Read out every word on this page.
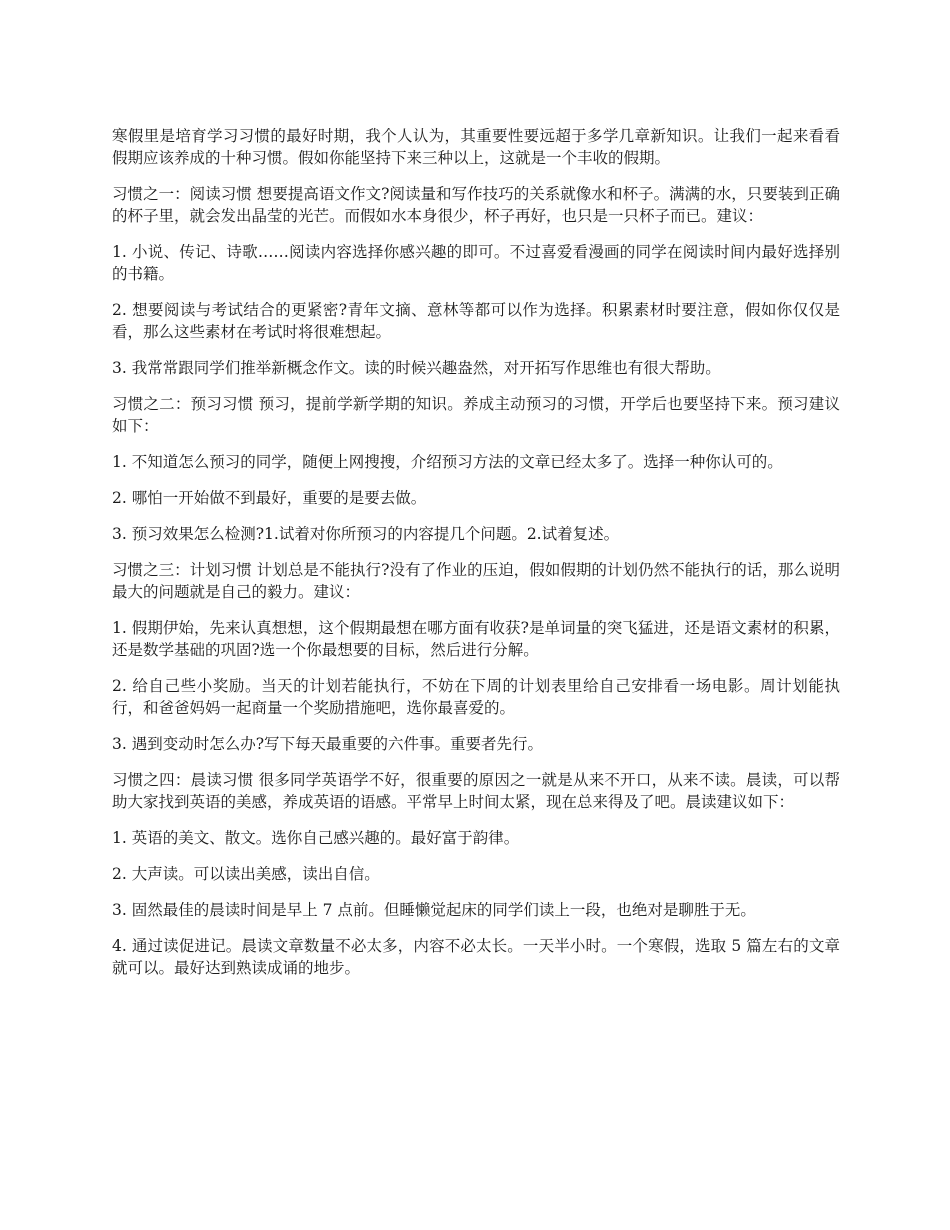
寒假里是培育学习习惯的最好时期，我个人认为，其重要性要远超于多学几章新知识。让我们一起来看看假期应该养成的十种习惯。假如你能坚持下来三种以上，这就是一个丰收的假期。

习惯之一：阅读习惯 想要提高语文作文?阅读量和写作技巧的关系就像水和杯子。满满的水，只要装到正确的杯子里，就会发出晶莹的光芒。而假如水本身很少，杯子再好，也只是一只杯子而已。建议：

1. 小说、传记、诗歌……阅读内容选择你感兴趣的即可。不过喜爱看漫画的同学在阅读时间内最好选择别的书籍。

2. 想要阅读与考试结合的更紧密?青年文摘、意林等都可以作为选择。积累素材时要注意，假如你仅仅是看，那么这些素材在考试时将很难想起。

3. 我常常跟同学们推举新概念作文。读的时候兴趣盎然，对开拓写作思维也有很大帮助。

习惯之二：预习习惯 预习，提前学新学期的知识。养成主动预习的习惯，开学后也要坚持下来。预习建议如下：

1. 不知道怎么预习的同学，随便上网搜搜，介绍预习方法的文章已经太多了。选择一种你认可的。

2. 哪怕一开始做不到最好，重要的是要去做。

3. 预习效果怎么检测?1.试着对你所预习的内容提几个问题。2.试着复述。

习惯之三：计划习惯 计划总是不能执行?没有了作业的压迫，假如假期的计划仍然不能执行的话，那么说明最大的问题就是自己的毅力。建议：

1. 假期伊始，先来认真想想，这个假期最想在哪方面有收获?是单词量的突飞猛进，还是语文素材的积累，还是数学基础的巩固?选一个你最想要的目标，然后进行分解。

2. 给自己些小奖励。当天的计划若能执行，不妨在下周的计划表里给自己安排看一场电影。周计划能执行，和爸爸妈妈一起商量一个奖励措施吧，选你最喜爱的。

3. 遇到变动时怎么办?写下每天最重要的六件事。重要者先行。

习惯之四：晨读习惯 很多同学英语学不好，很重要的原因之一就是从来不开口，从来不读。晨读，可以帮助大家找到英语的美感，养成英语的语感。平常早上时间太紧，现在总来得及了吧。晨读建议如下：

1. 英语的美文、散文。选你自己感兴趣的。最好富于韵律。

2. 大声读。可以读出美感，读出自信。

3. 固然最佳的晨读时间是早上 7 点前。但睡懒觉起床的同学们读上一段，也绝对是聊胜于无。

4. 通过读促进记。晨读文章数量不必太多，内容不必太长。一天半小时。一个寒假，选取 5 篇左右的文章就可以。最好达到熟读成诵的地步。
